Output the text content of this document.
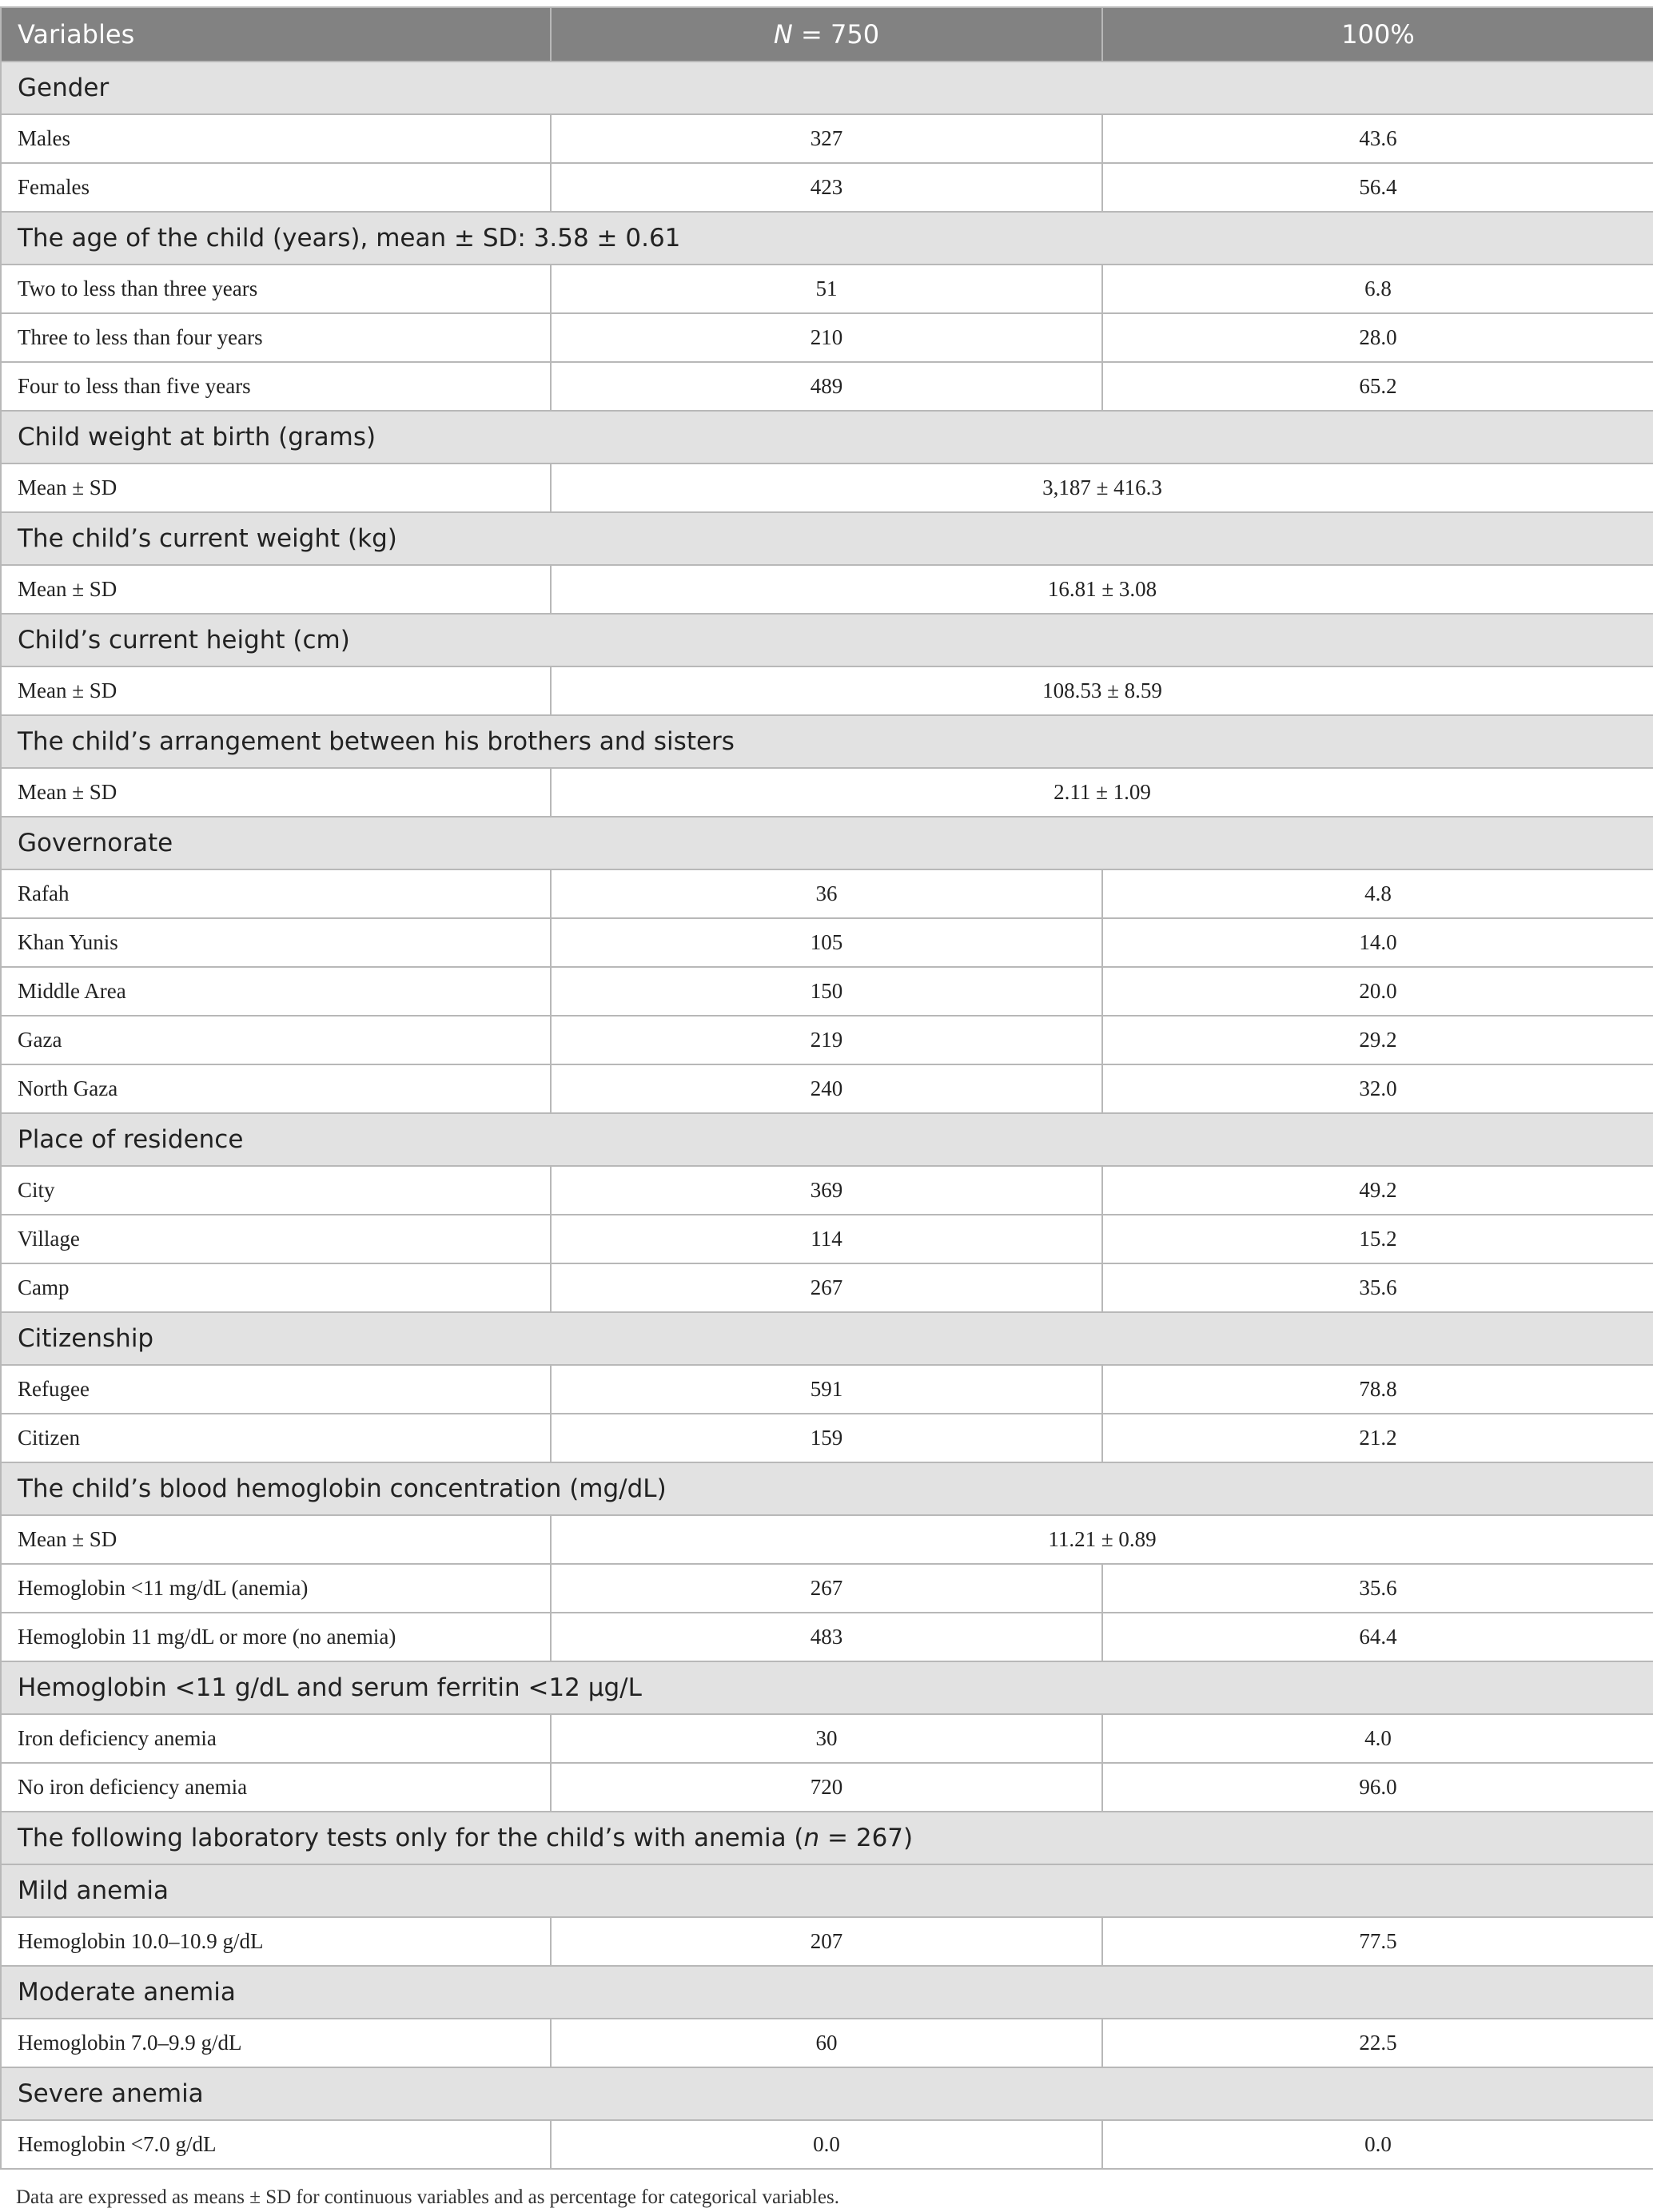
Variables	N = 750	100%
Gender		
Males	327	43.6
Females	423	56.4
The age of the child (years), mean ± SD: 3.58 ± 0.61		
Two to less than three years	51	6.8
Three to less than four years	210	28.0
Four to less than five years	489	65.2
Child weight at birth (grams)		
Mean ± SD	3,187 ± 416.3	
The child’s current weight (kg)		
Mean ± SD	16.81 ± 3.08	
Child’s current height (cm)		
Mean ± SD	108.53 ± 8.59	
The child’s arrangement between his brothers and sisters		
Mean ± SD	2.11 ± 1.09	
Governorate		
Rafah	36	4.8
Khan Yunis	105	14.0
Middle Area	150	20.0
Gaza	219	29.2
North Gaza	240	32.0
Place of residence		
City	369	49.2
Village	114	15.2
Camp	267	35.6
Citizenship		
Refugee	591	78.8
Citizen	159	21.2
The child’s blood hemoglobin concentration (mg/dL)		
Mean ± SD	11.21 ± 0.89	
Hemoglobin <11 mg/dL (anemia)	267	35.6
Hemoglobin 11 mg/dL or more (no anemia)	483	64.4
Hemoglobin <11 g/dL and serum ferritin <12 μg/L		
Iron deficiency anemia	30	4.0
No iron deficiency anemia	720	96.0
The following laboratory tests only for the child’s with anemia (n = 267)		
Mild anemia		
Hemoglobin 10.0–10.9 g/dL	207	77.5
Moderate anemia		
Hemoglobin 7.0–9.9 g/dL	60	22.5
Severe anemia		
Hemoglobin <7.0 g/dL	0.0	0.0
Data are expressed as means ± SD for continuous variables and as percentage for categorical variables.
